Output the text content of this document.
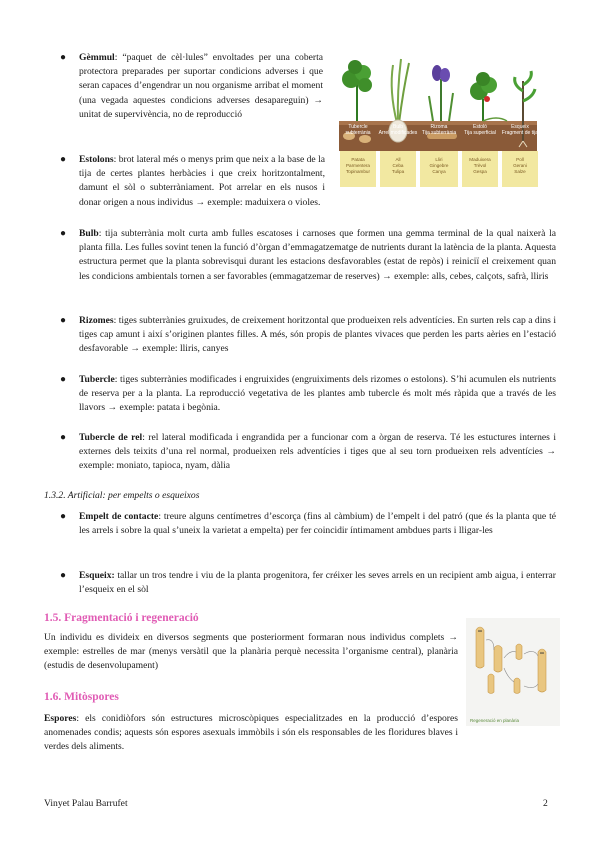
● Gèmmul: “paquet de cèl·lules” envoltades per una coberta protectora preparades per suportar condicions adverses i que seran capaces d’engendrar un nou organisme arribat el moment (una vegada aquestes condicions adverses desapareguin) → unitat de supervivència, no de reproducció
● Estolons: brot lateral més o menys prim que neix a la base de la tija de certes plantes herbàcies i que creix horitzontalment, damunt el sòl o subterràniament. Pot arrelar en els nusos i donar origen a nous individus → exemple: maduixera o violes.
Tubercle
subterrània
Bulb
Arrel modificades
Rizoma
Tija subterrània
Estoló
Tija superficial
Esqueix
Fragment de tija
Patata
Parmentera
Topinambur
All
Ceba
Tulipa
Lliri
Gingebre
Canya
Maduixera
Trèvol
Gespa
Poll
Gerani
Salze
● Bulb: tija subterrània molt curta amb fulles escatoses i carnoses que formen una gemma terminal de la qual naixerà la planta filla. Les fulles sovint tenen la funció d’òrgan d’emmagatzematge de nutrients durant la latència de la planta. Aquesta estructura permet que la planta sobrevisqui durant les estacions desfavorables (estat de repòs) i reiniciï el creixement quan les condicions ambientals tornen a ser favorables (emmagatzemar de reserves) → exemple: alls, cebes, calçots, safrà, lliris
● Rizomes: tiges subterrànies gruixudes, de creixement horitzontal que produeixen rels adventícies. En surten rels cap a dins i tiges cap amunt i així s’originen plantes filles. A més, són propis de plantes vivaces que perden les parts aèries en l’estació desfavorable → exemple: lliris, canyes
● Tubercle: tiges subterrànies modificades i engruixides (engruiximents dels rizomes o estolons). S’hi acumulen els nutrients de reserva per a la planta. La reproducció vegetativa de les plantes amb tubercle és molt més ràpida que a través de les llavors → exemple: patata i begònia.
● Tubercle de rel: rel lateral modificada i engrandida per a funcionar com a òrgan de reserva. Té les estuctures internes i externes dels teixits d’una rel normal, produeixen rels adventícies i tiges que al seu torn produeixen rels adventícies → exemple: moniato, tapioca, nyam, dàlia
1.3.2. Artificial: per empelts o esqueixos
● Empelt de contacte: treure alguns centímetres d’escorça (fins al càmbium) de l’empelt i del patró (que és la planta que té les arrels i sobre la qual s’uneix la varietat a empelta) per fer coincidir íntimament ambdues parts i lligar-les
● Esqueix: tallar un tros tendre i viu de la planta progenitora, fer créixer les seves arrels en un recipient amb aigua, i enterrar l’esqueix en el sòl
1.5. Fragmentació i regeneració
Un individu es divideix en diversos segments que posteriorment formaran nous individus complets → exemple: estrelles de mar (menys versàtil que la planària perquè necessita l’organisme central), planària (estudis de desenvolupament)
1.6. Mitòspores
Espores: els conidiòfors són estructures microscòpiques especialitzades en la producció d’espores anomenades condis; aquests són espores asexuals immòbils i són els responsables de les floridures blaves i verdes dels aliments.
Regeneració en planària
Vinyet Palau Barrufet	2
